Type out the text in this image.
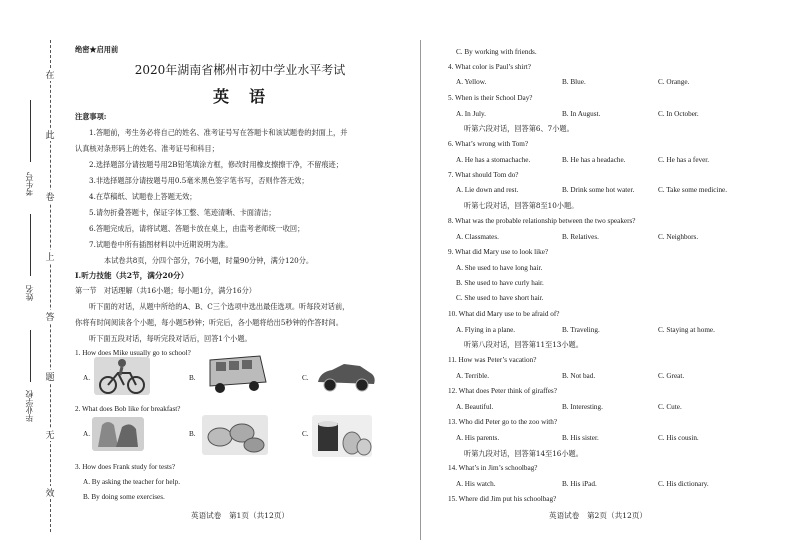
在
此
卷
上
答
题
无
效
考生号
姓名
毕业学校
绝密★启用前
2020年湖南省郴州市初中学业水平考试
英　语
注意事项:
1.答题前，考生务必将自己的姓名、准考证号写在答题卡和该试题卷的封面上，并
认真核对条形码上的姓名、准考证号和科目；
2.选择题部分请按题号用2B铅笔填涂方框，修改时用橡皮擦擦干净，不留痕迹；
3.非选择题部分请按题号用0.5毫米黑色签字笔书写，否则作答无效；
4.在草稿纸、试题卷上答题无效；
5.请勿折叠答题卡，保证字体工整、笔迹清晰、卡面清洁；
6.答题完成后，请将试题、答题卡放在桌上，由监考老师统一收回；
7.试题卷中所有插图材料以中近期说明为准。
本试卷共8页，分四个部分，76小题，时量90分钟，满分120分。
I.听力技能（共2节，满分20分）
第一节　对话理解（共16小题；每小题1分，满分16分）
听下面的对话，从题中所给的A、B、C三个选项中选出最佳选项。听每段对话前，
你将有时间阅读各个小题，每小题5秒钟；听完后，各小题将给出5秒钟的作答时间。
听下面五段对话，每听完段对话后，回答1个小题。
1. How does Mike usually go to school?
A.	B.	C.
2. What does Bob like for breakfast?
A.	B.	C.
3. How does Frank study for tests?
A. By asking the teacher for help.
B. By doing some exercises.
英语试卷　第1页（共12页）
C. By working with friends.
4. What color is Paul’s shirt?
A. Yellow.	B. Blue.	C. Orange.
5. When is their School Day?
A. In July.	B. In August.	C. In October.
听第六段对话，回答第6、7小题。
6. What’s wrong with Tom?
A. He has a stomachache.	B. He has a headache.	C. He has a fever.
7. What should Tom do?
A. Lie down and rest.	B. Drink some hot water.	C. Take some medicine.
听第七段对话，回答第8至10小题。
8. What was the probable relationship between the two speakers?
A. Classmates.	B. Relatives.	C. Neighbors.
9. What did Mary use to look like?
A. She used to have long hair.
B. She used to have curly hair.
C. She used to have short hair.
10. What did Mary use to be afraid of?
A. Flying in a plane.	B. Traveling.	C. Staying at home.
听第八段对话，回答第11至13小题。
11. How was Peter’s vacation?
A. Terrible.	B. Not bad.	C. Great.
12. What does Peter think of giraffes?
A. Beautiful.	B. Interesting.	C. Cute.
13. Who did Peter go to the zoo with?
A. His parents.	B. His sister.	C. His cousin.
听第九段对话，回答第14至16小题。
14. What’s in Jim’s schoolbag?
A. His watch.	B. His iPad.	C. His dictionary.
15. Where did Jim put his schoolbag?
英语试卷　第2页（共12页）
